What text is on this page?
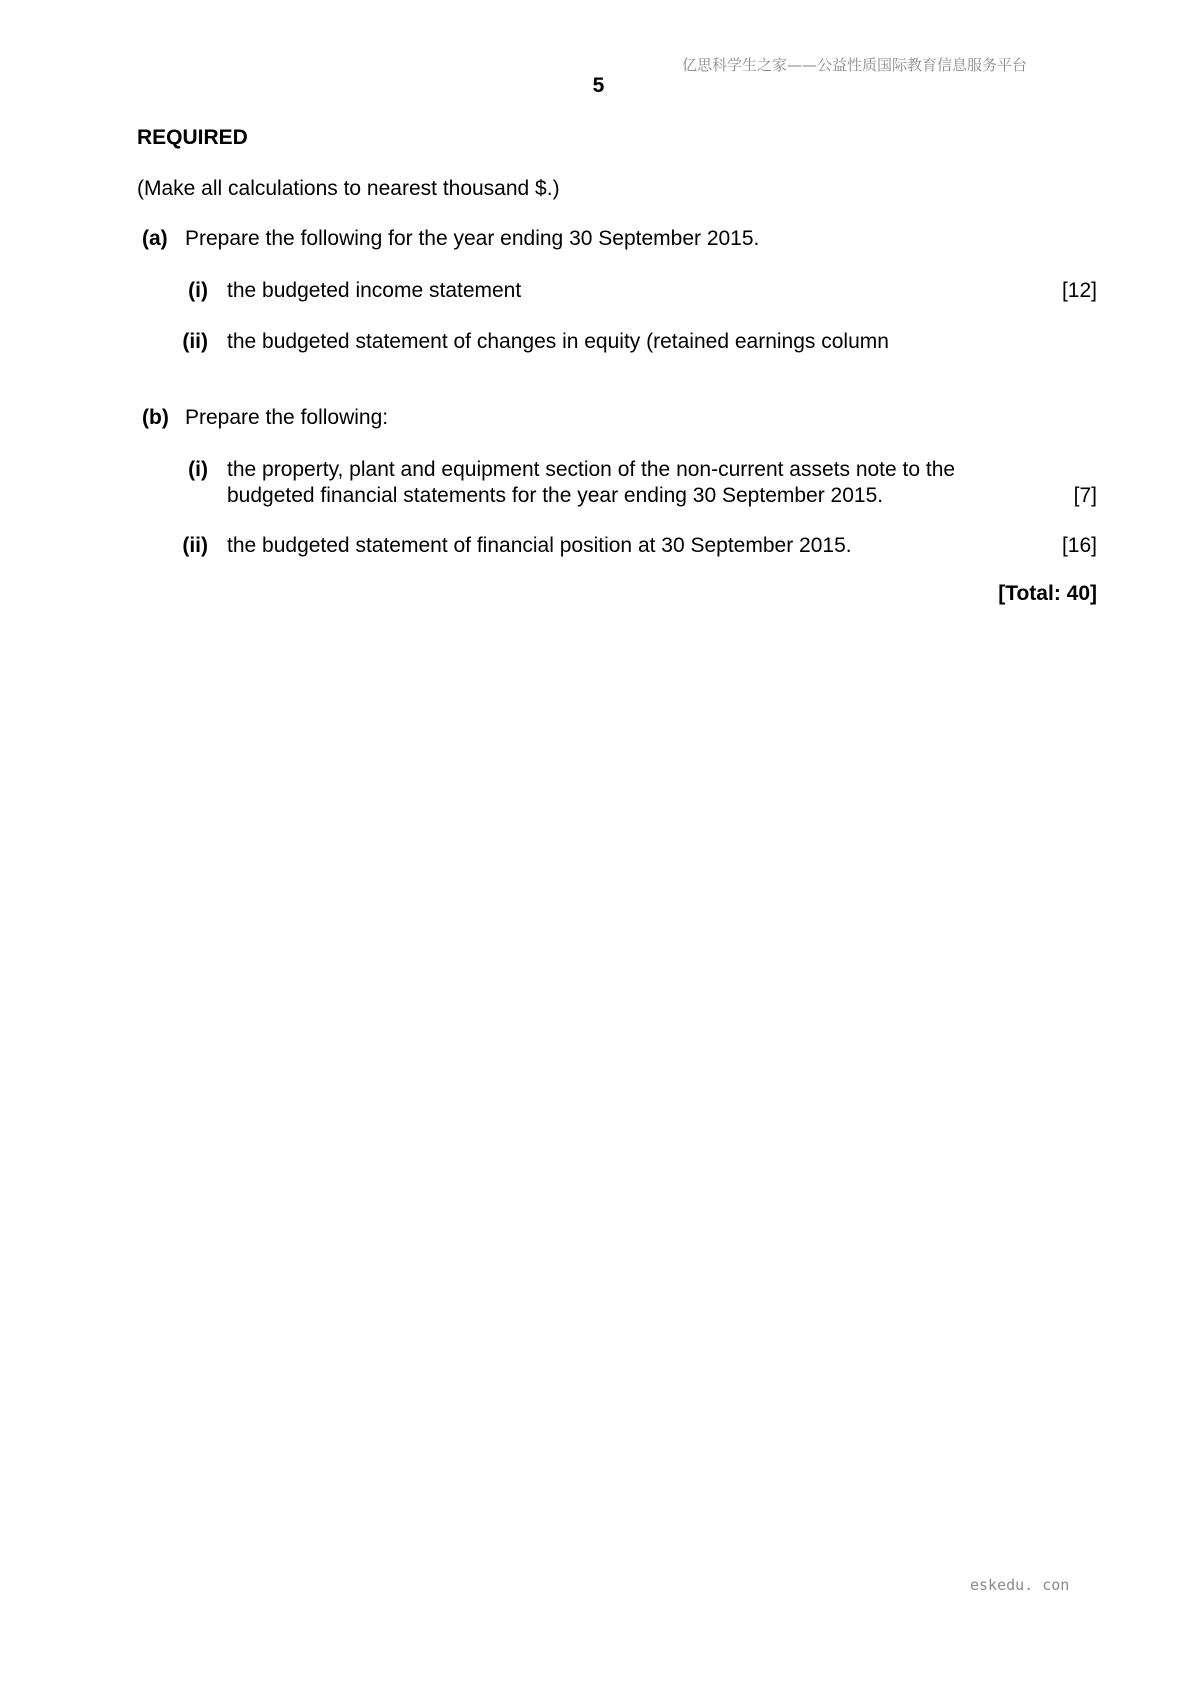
亿思科学生之家——公益性质国际教育信息服务平台
5
REQUIRED
(Make all calculations to nearest thousand $.)
(a) Prepare the following for the year ending 30 September 2015.
(i) the budgeted income statement	[12]
(ii) the budgeted statement of changes in equity (retained earnings column
(b) Prepare the following:
(i) the property, plant and equipment section of the non-current assets note to the budgeted financial statements for the year ending 30 September 2015.	[7]
(ii) the budgeted statement of financial position at 30 September 2015.	[16]
[Total: 40]
eskedu. con
